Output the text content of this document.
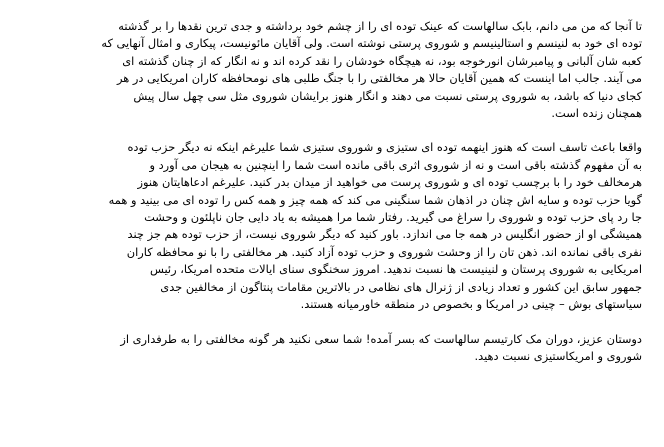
تا آنجا که من می دانم، بابک سالهاست که عینک توده ای را از چشم خود برداشته و جدی ترین نقدها را بر گذشته
توده ای خود به لنینسم و استالینیسم و شوروی پرستی نوشته است. ولی آقایان مائونیست، پیکاری و امثال آنهایی که
کعبه شان آلبانی و پیامبرشان انورخوجه بود، نه هیچگاه خودشان را نقد کرده اند و نه انگار که از چنان گذشته ای
می آیند. جالب اما اینست که همین آقایان حالا هر مخالفتی را با جنگ طلبی های نومحافظه کاران امریکایی در هر
کجای دنیا که باشد، به شوروی پرستی نسبت می دهند و انگار هنوز برایشان شوروی مثل سی چهل سال پیش
همچنان زنده است.
واقعا باعث تاسف است که هنوز اینهمه توده ای ستیزی و شوروی ستیزی شما علیرغم اینکه نه دیگر حزب توده
به آن مفهوم گذشته باقی است و نه از شوروی اثری باقی مانده است شما را اینچنین به هیجان می آورد و
هرمخالف خود را با برچسب توده ای و شوروی پرست می خواهید از میدان بدر کنید. علیرغم ادعاهایتان هنوز
گویا حزب توده و سایه اش چنان در اذهان شما سنگینی می کند که همه چیز و همه کس را توده ای می بینید و همه
جا رد پای حزب توده و شوروی را سراغ می گیرید. رفتار شما مرا همیشه به یاد دایی جان ناپلئون و وحشت
همیشگی او از حضور انگلیس در همه جا می اندازد. باور کنید که دیگر شوروی نیست، از حزب توده هم جز چند
نفری باقی نمانده اند. ذهن تان را از وحشت شوروی و حزب توده آزاد کنید. هر مخالفتی را با نو محافظه کاران
امریکایی به شوروی پرستان و لنینیست ها نسبت ندهید. امروز سخنگوی سنای ایالات متحده امریکا، رئیس
جمهور سابق این کشور و تعداد زیادی از ژنرال های نظامی در بالاترین مقامات پنتاگون از مخالفین جدی
سیاستهای بوش – چینی در امریکا و بخصوص در منطقه خاورمیانه هستند.
دوستان عزیز، دوران مک کارتیسم سالهاست که بسر آمده! شما سعی نکنید هر گونه مخالفتی را به طرفداری از
شوروی و امریکاستیزی نسبت دهید.
